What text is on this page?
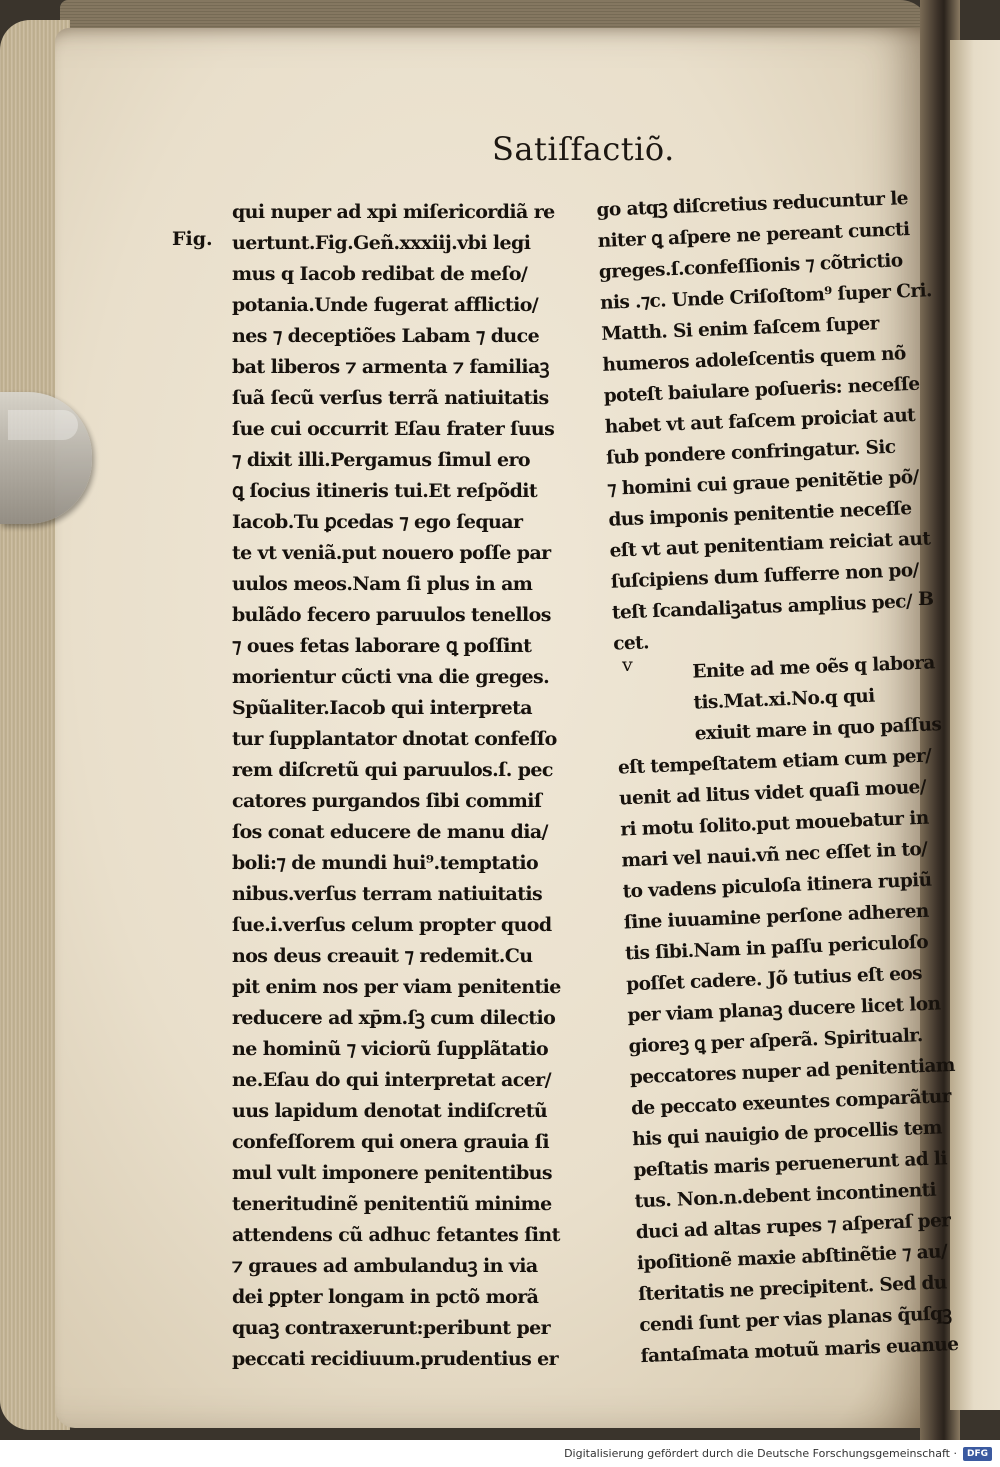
Satiſfactiõ.
Fig.
qui nuper ad xpi miſericordiã re
uertunt.Fig.Geñ.xxxiij.vbi legi
mus q Iacob redibat de meſo/
potania.Unde fugerat afflictio/
nes ⁊ deceptiões Labam ⁊ duce
bat liberos ⁊ armenta ⁊ familiaꝫ
ſuã ſecũ verſus terrã natiuitatis
ſue cui occurrit Eſau frater ſuus
⁊ dixit illi.Pergamus ſimul ero
ꝗ ſocius itineris tui.Et reſpõdit
Iacob.Tu ꝑcedas ⁊ ego ſequar
te vt veniã.put nouero poſſe par
uulos meos.Nam ſi plus in am
bulãdo fecero paruulos tenellos
⁊ oues fetas laborare ꝗ poſſint
morientur cũcti vna die greges.
Spũaliter.Iacob qui interpreta
tur ſupplantator dnotat confeſſo
rem diſcretũ qui paruulos.ſ. pec
catores purgandos ſibi commiſ
ſos conat educere de manu dia/
boli:⁊ de mundi hui⁹.temptatio
nibus.verſus terram natiuitatis
ſue.i.verſus celum propter quod
nos deus creauit ⁊ redemit.Cu
pit enim nos per viam penitentie
reducere ad xp̄m.ſꝫ cum dilectio
ne hominũ ⁊ viciorũ ſupplãtatio
ne.Eſau do qui interpretat acer/
uus lapidum denotat indiſcretũ
confeſſorem qui onera grauia ſi
mul vult imponere penitentibus
teneritudinẽ penitentiũ minime
attendens cũ adhuc fetantes ſint
⁊ graues ad ambulanduꝫ in via
dei ꝑpter longam in pctõ morã
quaꝫ contraxerunt:peribunt per
peccati recidiuum.prudentius er
go atqꝫ diſcretius reducuntur le
niter ꝗ aſpere ne pereant cuncti
greges.ſ.confeſſionis ⁊ cõtrictio
nis .⁊c. Unde Criſoſtom⁹ ſuper Cri.
Matth. Si enim faſcem ſuper
humeros adoleſcentis quem nõ
poteſt baiulare poſueris: neceſſe
habet vt aut faſcem proiciat aut
ſub pondere confringatur. Sic
⁊ homini cui graue penitẽtie põ/
dus imponis penitentie neceſſe
eſt vt aut penitentiam reiciat aut
ſuſcipiens dum ſufferre non po/
teſt ſcandaliꝫatus amplius pec/
cet.
Enite ad me oẽs q labora
tis.Mat.xi.No.q qui
exiuit mare in quo paſſus
eſt tempeſtatem etiam cum per/
uenit ad litus videt quaſi moue/
ri motu ſolito.put mouebatur in
mari vel naui.vñ nec eſſet in to/
to vadens piculoſa itinera rupiũ
ſine iuuamine perſone adheren
tis ſibi.Nam in paſſu periculoſo
poſſet cadere. Jõ tutius eſt eos
per viam planaꝫ ducere licet lon
gioreꝫ ꝗ per aſperã. Spiritualr.
peccatores nuper ad penitentiam
de peccato exeuntes comparãtur
his qui nauigio de procellis tem
peſtatis maris peruenerunt ad li
tus. Non.n.debent incontinenti
duci ad altas rupes ⁊ aſperaſ per
ipoſitionẽ maxie abſtinẽtie ⁊ au/
ſteritatis ne precipitent. Sed du
cendi ſunt per vias planas q̃uſqꝫ
fantaſmata motuũ maris euanue
B
v
Digitalisierung gefördert durch die Deutsche Forschungsgemeinschaft ·	DFG
